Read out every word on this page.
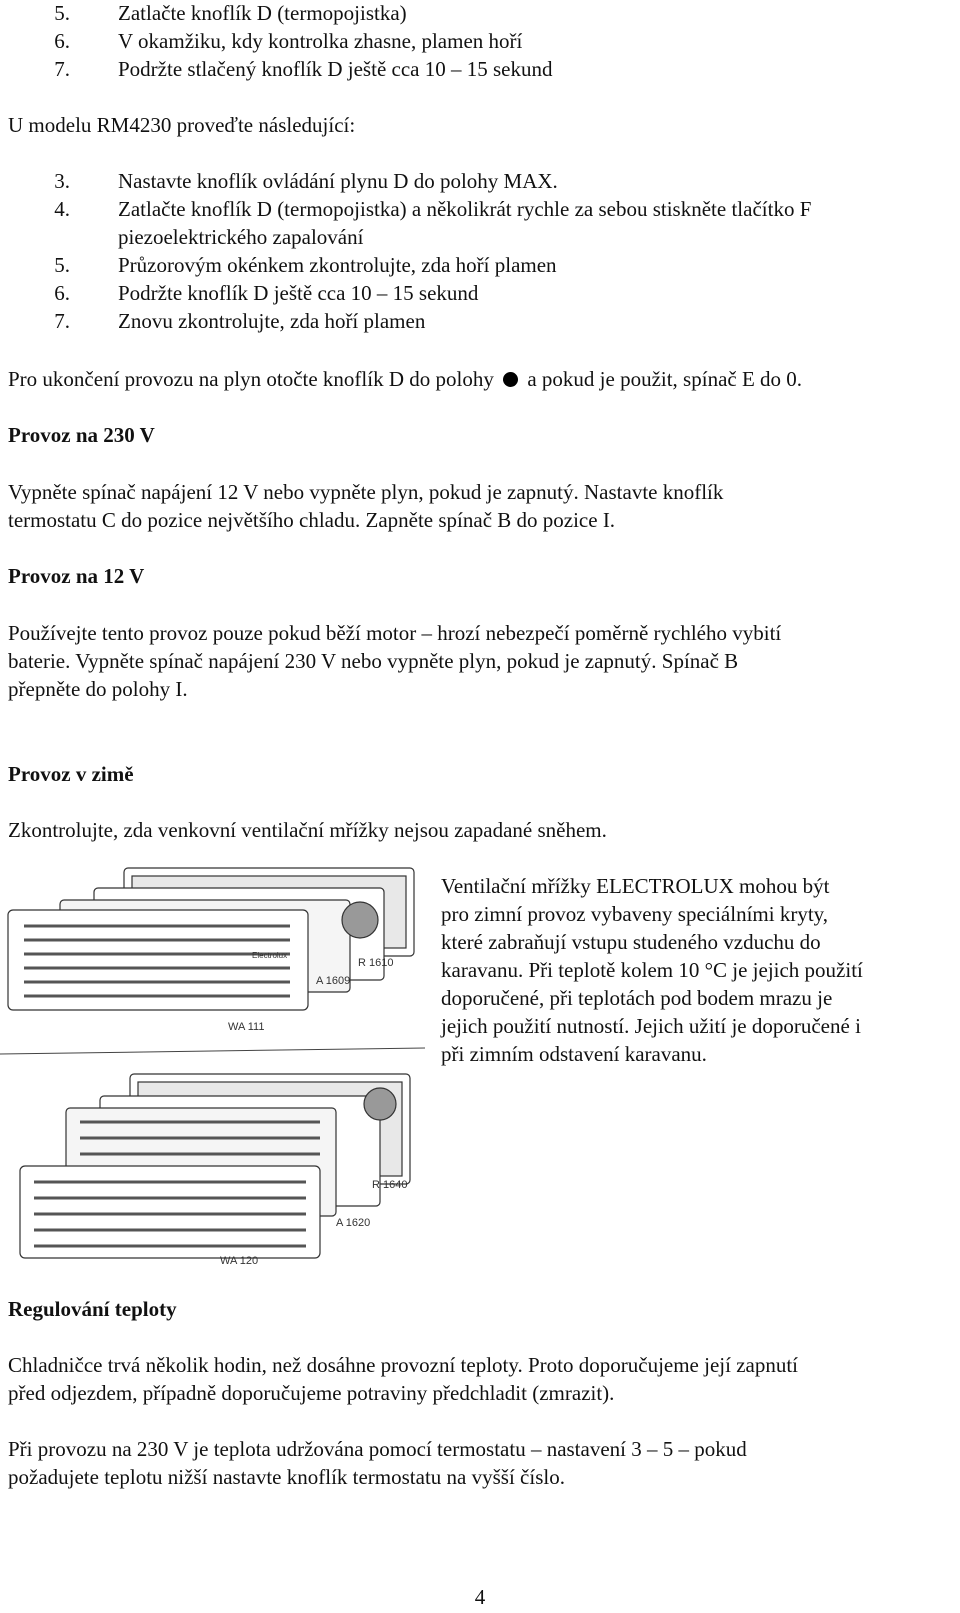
5. Zatlačte knoflík D (termopojistka)
6. V okamžiku, kdy kontrolka zhasne, plamen hoří
7. Podržte stlačený knoflík D ještě cca 10 – 15 sekund
U modelu RM4230 proveďte následující:
3. Nastavte knoflík ovládání plynu D do polohy MAX.
4. Zatlačte knoflík D (termopojistka) a několikrát rychle za sebou stiskněte tlačítko F
piezoelektrického zapalování
5. Průzorovým okénkem zkontrolujte, zda hoří plamen
6. Podržte knoflík D ještě cca 10 – 15 sekund
7. Znovu zkontrolujte, zda hoří plamen
Pro ukončení provozu na plyn otočte knoflík D do polohy a pokud je použit, spínač E do 0.
Provoz na 230 V
Vypněte spínač napájení 12 V nebo vypněte plyn, pokud je zapnutý. Nastavte knoflík
termostatu C do pozice největšího chladu. Zapněte spínač B do pozice I.
Provoz na 12 V
Používejte tento provoz pouze pokud běží motor – hrozí nebezpečí poměrně rychlého vybití
baterie. Vypněte spínač napájení 230 V nebo vypněte plyn, pokud je zapnutý. Spínač B
přepněte do polohy I.
Provoz v zimě
Zkontrolujte, zda venkovní ventilační mřížky nejsou zapadané sněhem.
R 1610
A 1609
WA 111
Electrolux
R 1640
A 1620
WA 120
Ventilační mřížky ELECTROLUX mohou být
pro zimní provoz vybaveny speciálními kryty,
které zabraňují vstupu studeného vzduchu do
karavanu. Při teplotě kolem 10 °C je jejich použití
doporučené, při teplotách pod bodem mrazu je
jejich použití nutností. Jejich užití je doporučené i
při zimním odstavení karavanu.
Regulování teploty
Chladničce trvá několik hodin, než dosáhne provozní teploty. Proto doporučujeme její zapnutí
před odjezdem, případně doporučujeme potraviny předchladit (zmrazit).
Při provozu na 230 V je teplota udržována pomocí termostatu – nastavení 3 – 5 – pokud
požadujete teplotu nižší nastavte knoflík termostatu na vyšší číslo.
4
